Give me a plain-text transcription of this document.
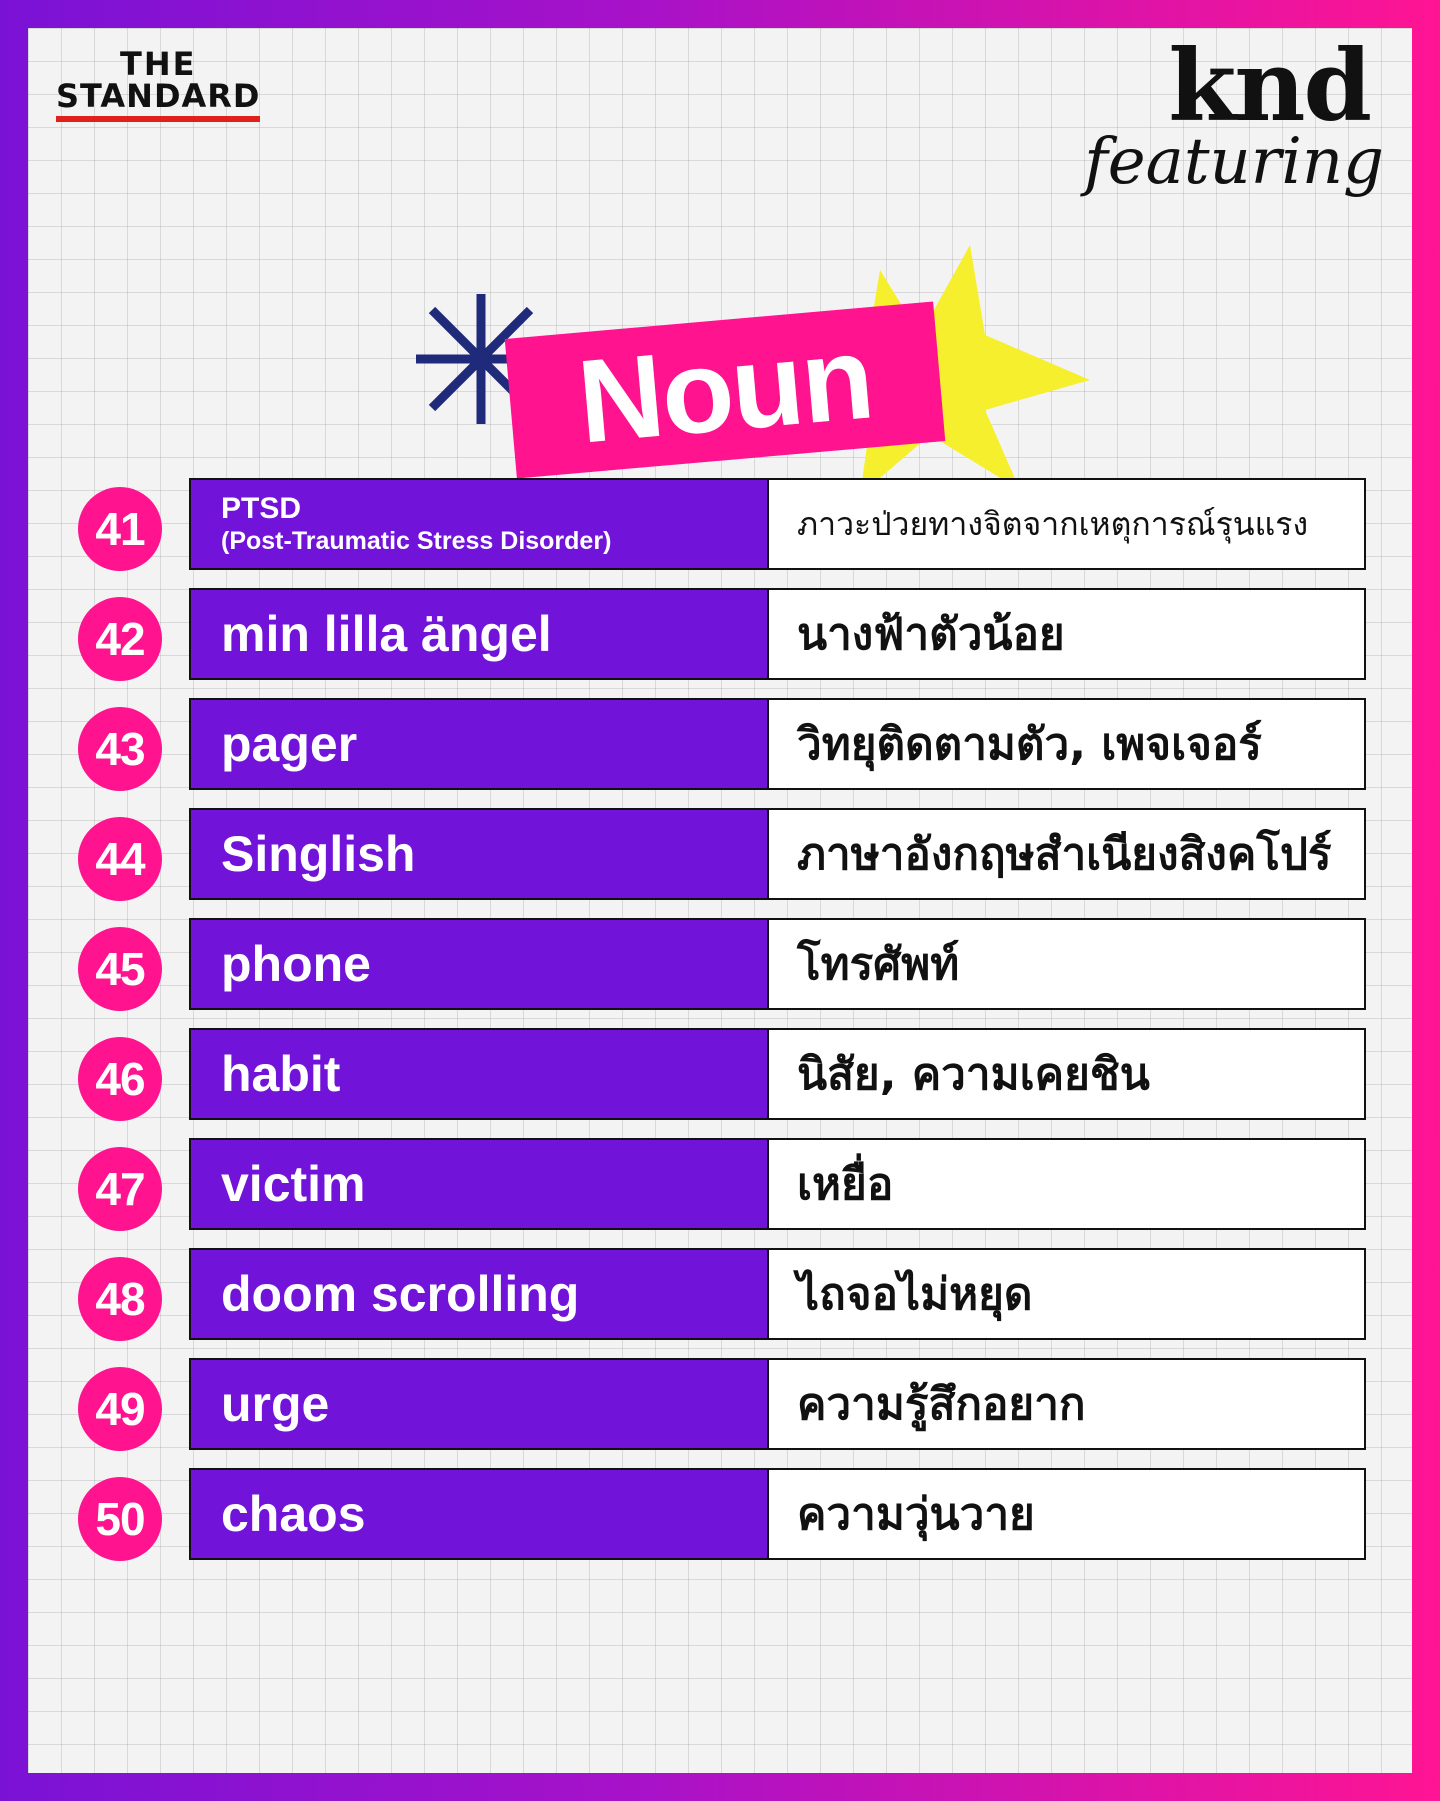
THE
STANDARD	knd
featuring
Noun
41	PTSD
(Post-Traumatic Stress Disorder)	ภาวะป่วยทางจิตจากเหตุการณ์รุนแรง
42	min lilla ängel	นางฟ้าตัวน้อย
43	pager	วิทยุติดตามตัว, เพจเจอร์
44	Singlish	ภาษาอังกฤษสำเนียงสิงคโปร์
45	phone	โทรศัพท์
46	habit	นิสัย, ความเคยชิน
47	victim	เหยื่อ
48	doom scrolling	ไถจอไม่หยุด
49	urge	ความรู้สึกอยาก
50	chaos	ความวุ่นวาย
